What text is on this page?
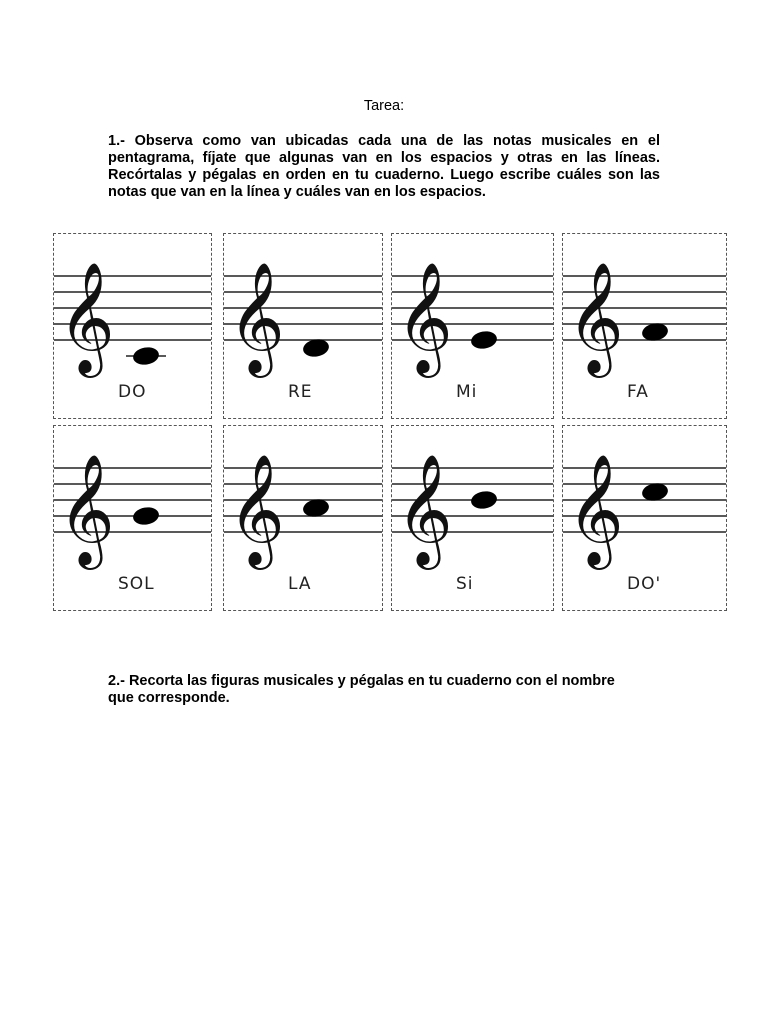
Tarea:

1.- Observa como van ubicadas cada una de las notas musicales en el pentagrama, fíjate que algunas van en los espacios y otras en las líneas. Recórtalas y pégalas en orden en tu cuaderno. Luego escribe cuáles son las notas que van en la línea y cuáles van en los espacios.

𝄞
DO
𝄞
RE
𝄞
Mi
𝄞
FA
𝄞
SOL
𝄞
LA
𝄞
Si
𝄞
DO'

2.- Recorta las figuras musicales y pégalas en tu cuaderno con el nombre que corresponde.
